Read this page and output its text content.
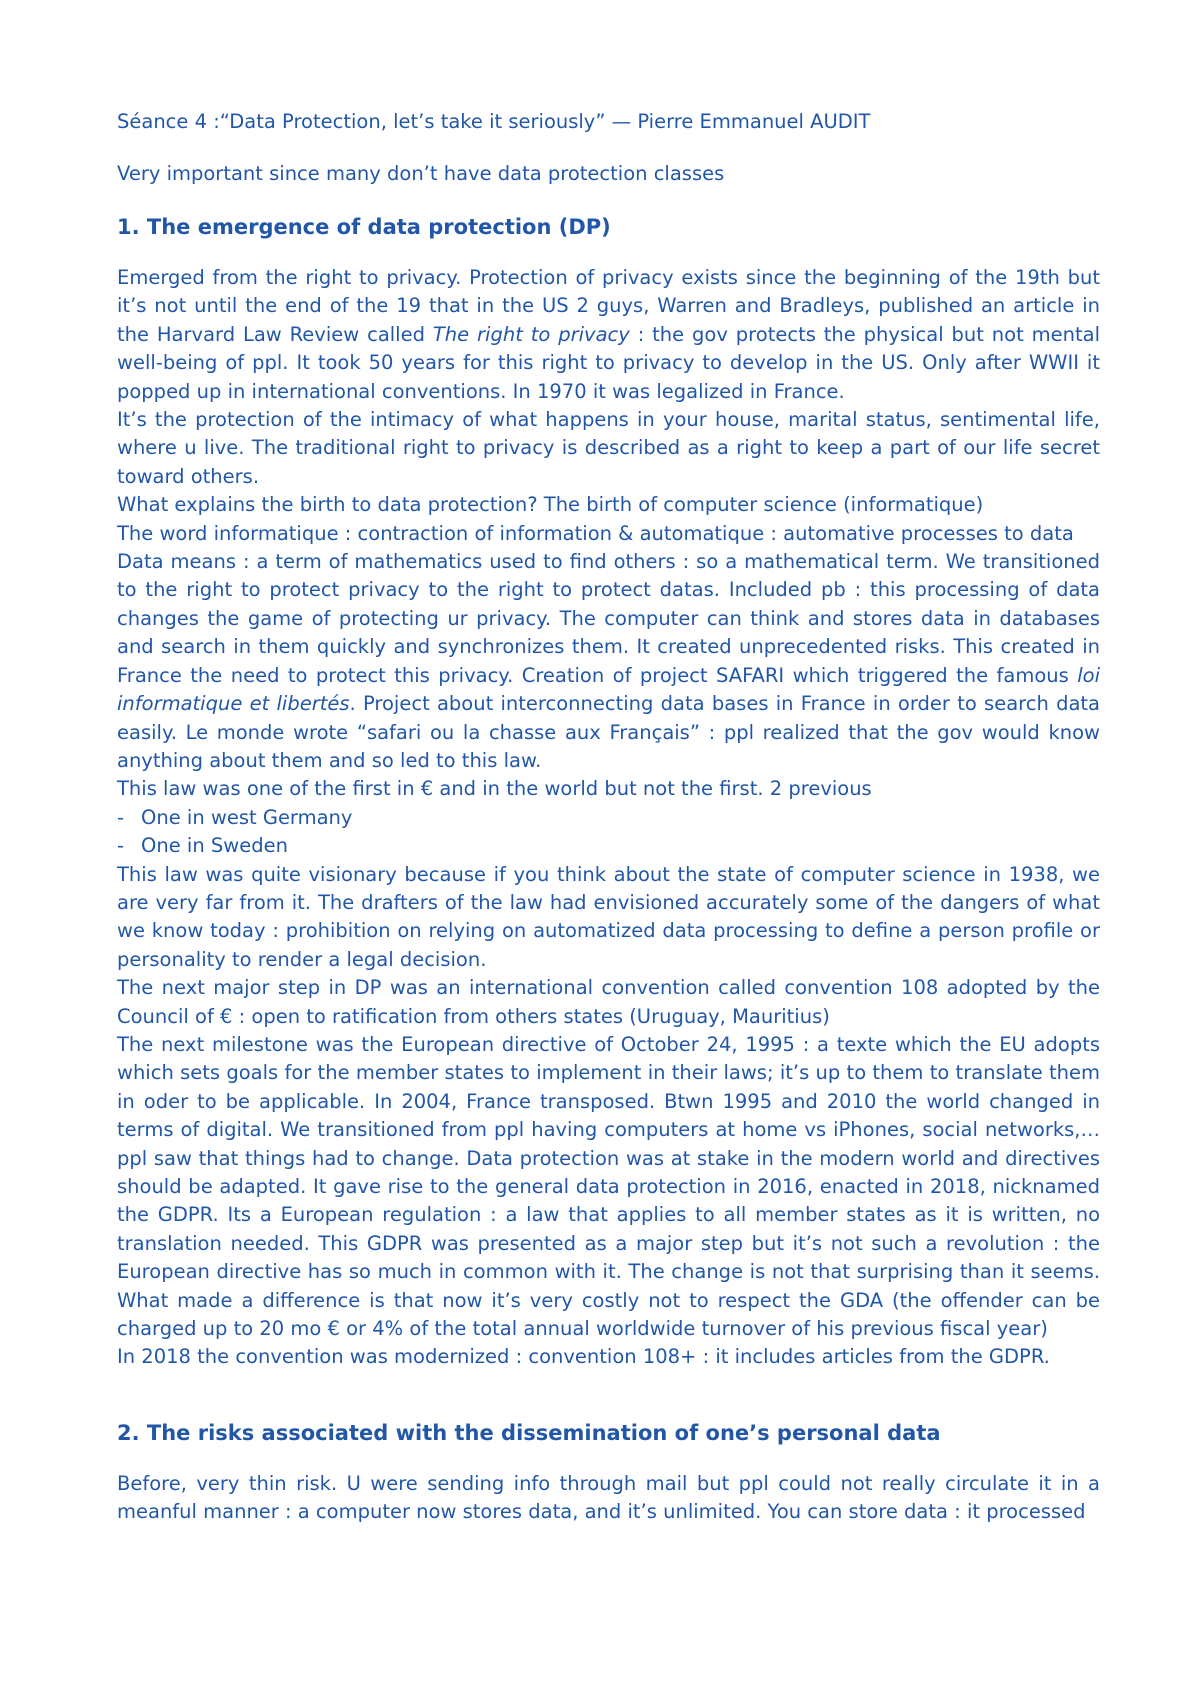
Séance 4 :“Data Protection, let’s take it seriously” — Pierre Emmanuel AUDIT

Very important since many don’t have data protection classes

1. The emergence of data protection (DP)

Emerged from the right to privacy. Protection of privacy exists since the beginning of the 19th but it’s not until the end of the 19 that in the US 2 guys, Warren and Bradleys, published an article in the Harvard Law Review called The right to privacy : the gov protects the physical but not mental well-being of ppl. It took 50 years for this right to privacy to develop in the US. Only after WWII it popped up in international conventions. In 1970 it was legalized in France.

It’s the protection of the intimacy of what happens in your house, marital status, sentimental life, where u live. The traditional right to privacy is described as a right to keep a part of our life secret toward others.

What explains the birth to data protection? The birth of computer science (informatique)

The word informatique : contraction of information & automatique : automative processes to data

Data means : a term of mathematics used to find others : so a mathematical term. We transitioned to the right to protect privacy to the right to protect datas. Included pb : this processing of data changes the game of protecting ur privacy. The computer can think and stores data in databases and search in them quickly and synchronizes them. It created unprecedented risks. This created in France the need to protect this privacy. Creation of project SAFARI which triggered the famous loi informatique et libertés. Project about interconnecting data bases in France in order to search data easily. Le monde wrote “safari ou la chasse aux Français” : ppl realized that the gov would know anything about them and so led to this law.

This law was one of the first in € and in the world but not the first. 2 previous

- One in west Germany

- One in Sweden

This law was quite visionary because if you think about the state of computer science in 1938, we are very far from it. The drafters of the law had envisioned accurately some of the dangers of what we know today : prohibition on relying on automatized data processing to define a person profile or personality to render a legal decision.

The next major step in DP was an international convention called convention 108 adopted by the Council of € : open to ratification from others states (Uruguay, Mauritius)

The next milestone was the European directive of October 24, 1995 : a texte which the EU adopts which sets goals for the member states to implement in their laws; it’s up to them to translate them in oder to be applicable. In 2004, France transposed. Btwn 1995 and 2010 the world changed in terms of digital. We transitioned from ppl having computers at home vs iPhones, social networks,…ppl saw that things had to change. Data protection was at stake in the modern world and directives should be adapted. It gave rise to the general data protection in 2016, enacted in 2018, nicknamed the GDPR. Its a European regulation : a law that applies to all member states as it is written, no translation needed. This GDPR was presented as a major step but it’s not such a revolution : the European directive has so much in common with it. The change is not that surprising than it seems. What made a difference is that now it’s very costly not to respect the GDA (the offender can be charged up to 20 mo € or 4% of the total annual worldwide turnover of his previous fiscal year)

In 2018 the convention was modernized : convention 108+ : it includes articles from the GDPR.

2. The risks associated with the dissemination of one’s personal data

Before, very thin risk. U were sending info through mail but ppl could not really circulate it in a meanful manner : a computer now stores data, and it’s unlimited. You can store data : it processed
